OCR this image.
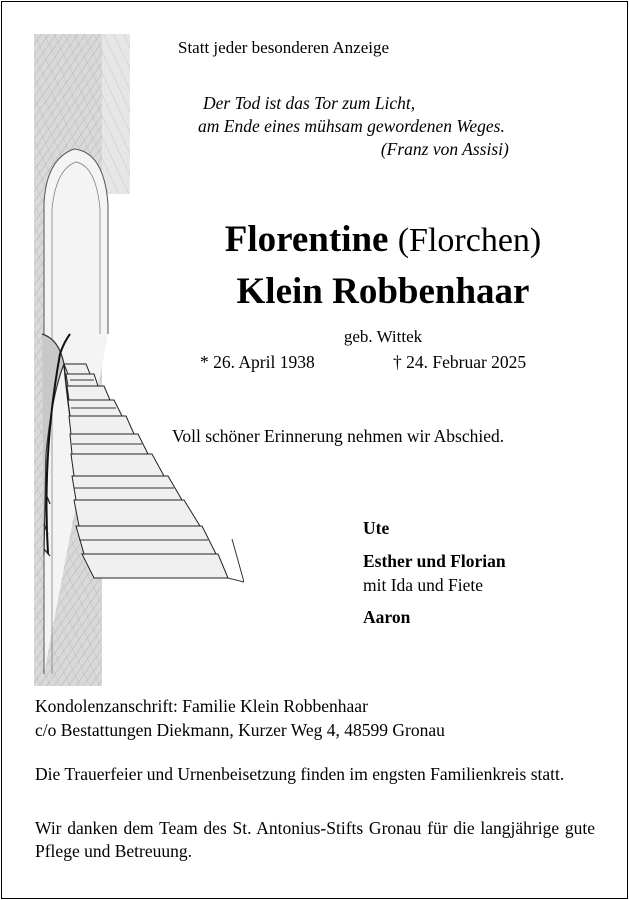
Statt jeder besonderen Anzeige
Der Tod ist das Tor zum Licht,
am Ende eines mühsam gewordenen Weges.
(Franz von Assisi)
Florentine (Florchen)
Klein Robbenhaar
geb. Wittek
* 26. April 1938	† 24. Februar 2025
Voll schöner Erinnerung nehmen wir Abschied.
Ute
Esther und Florian
mit Ida und Fiete
Aaron
Kondolenzanschrift: Familie Klein Robbenhaar
c/o Bestattungen Diekmann, Kurzer Weg 4, 48599 Gronau
Die Trauerfeier und Urnenbeisetzung finden im engsten Familienkreis statt.
Wir danken dem Team des St. Antonius-Stifts Gronau für die langjährige gute Pflege und Betreuung.
